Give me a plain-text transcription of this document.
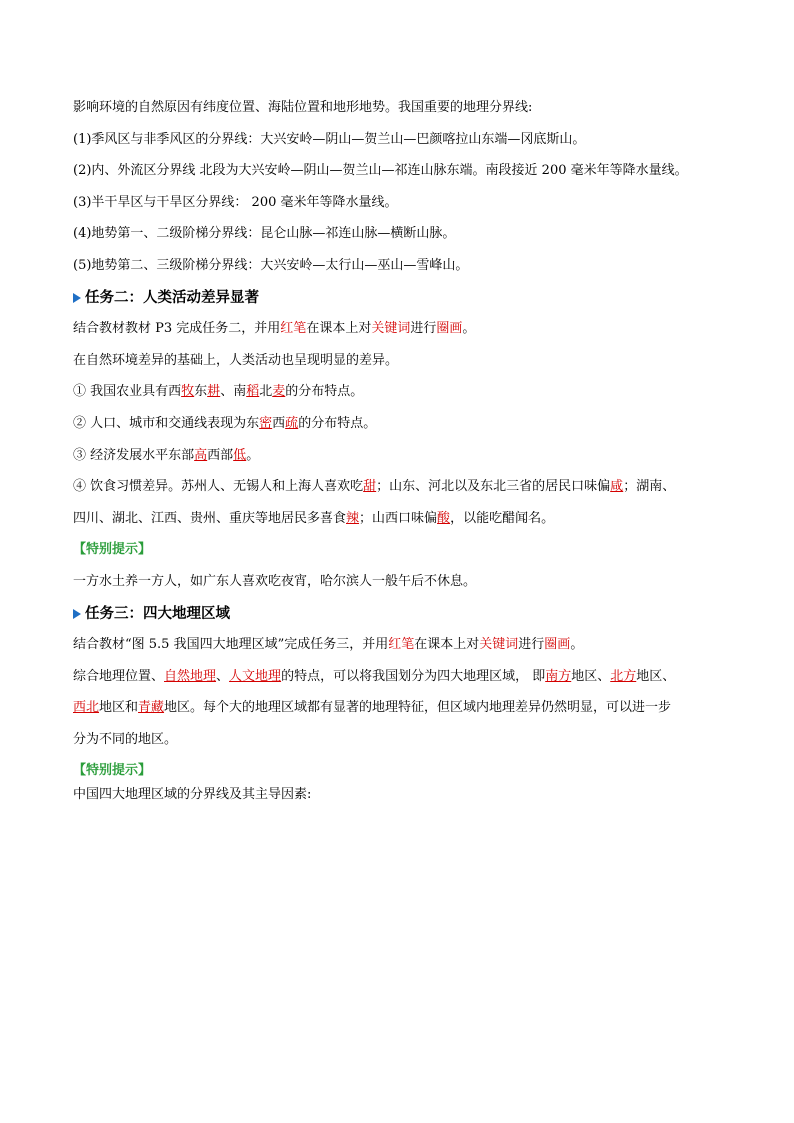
影响环境的自然原因有纬度位置、海陆位置和地形地势。我国重要的地理分界线:

(1)季风区与非季风区的分界线：大兴安岭—阴山—贺兰山—巴颜喀拉山东端—冈底斯山。

(2)内、外流区分界线 北段为大兴安岭—阴山—贺兰山—祁连山脉东端。南段接近 200 毫米年等降水量线。

(3)半干旱区与干旱区分界线： 200 毫米年等降水量线。

(4)地势第一、二级阶梯分界线：昆仑山脉—祁连山脉—横断山脉。

(5)地势第二、三级阶梯分界线：大兴安岭—太行山—巫山—雪峰山。

任务二：人类活动差异显著

结合教材教材 P3 完成任务二，并用红笔在课本上对关键词进行圈画。

在自然环境差异的基础上，人类活动也呈现明显的差异。

① 我国农业具有西牧东耕、南稻北麦的分布特点。

② 人口、城市和交通线表现为东密西疏的分布特点。

③ 经济发展水平东部高西部低。

④ 饮食习惯差异。苏州人、无锡人和上海人喜欢吃甜；山东、河北以及东北三省的居民口味偏咸；湖南、

四川、湖北、江西、贵州、重庆等地居民多喜食辣；山西口味偏酸，以能吃醋闻名。

【特别提示】

一方水土养一方人，如广东人喜欢吃夜宵，哈尔滨人一般午后不休息。

任务三：四大地理区域

结合教材“图 5.5 我国四大地理区域”完成任务三，并用红笔在课本上对关键词进行圈画。

综合地理位置、自然地理、人文地理的特点，可以将我国划分为四大地理区域， 即南方地区、北方地区、

西北地区和青藏地区。每个大的地理区域都有显著的地理特征，但区域内地理差异仍然明显，可以进一步

分为不同的地区。

【特别提示】

中国四大地理区域的分界线及其主导因素:
